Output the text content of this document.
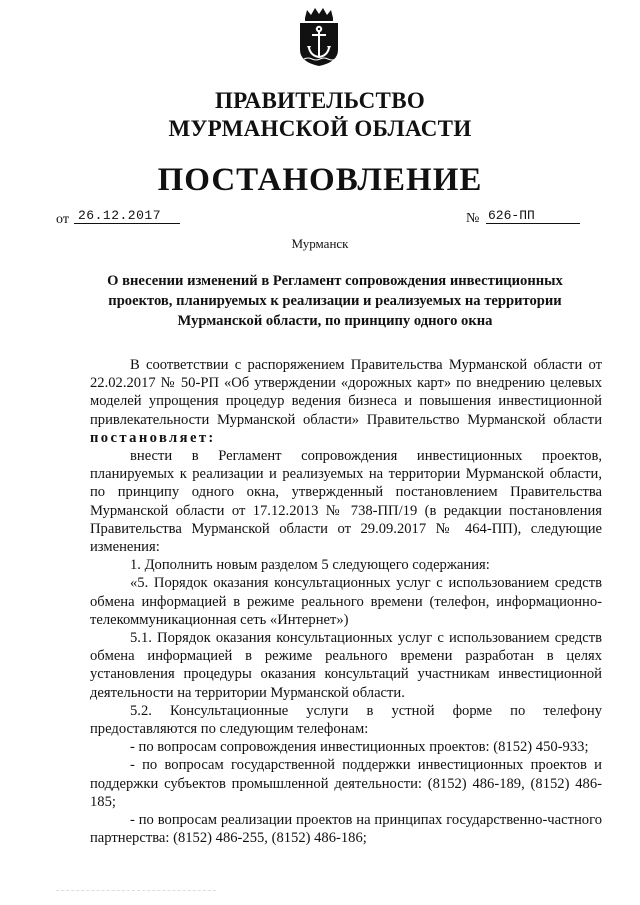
ПРАВИТЕЛЬСТВО
МУРМАНСКОЙ ОБЛАСТИ
ПОСТАНОВЛЕНИЕ
от 26.12.2017	№ 626-ПП
Мурманск
О внесении изменений в Регламент сопровождения инвестиционных проектов, планируемых к реализации и реализуемых на территории Мурманской области, по принципу одного окна

В соответствии с распоряжением Правительства Мурманской области от 22.02.2017 № 50-РП «Об утверждении «дорожных карт» по внедрению целевых моделей упрощения процедур ведения бизнеса и повышения инвестиционной привлекательности Мурманской области» Правительство Мурманской области постановляет:

внести в Регламент сопровождения инвестиционных проектов, планируемых к реализации и реализуемых на территории Мурманской области, по принципу одного окна, утвержденный постановлением Правительства Мурманской области от 17.12.2013 № 738-ПП/19 (в редакции постановления Правительства Мурманской области от 29.09.2017 № 464-ПП), следующие изменения:

1. Дополнить новым разделом 5 следующего содержания:

«5. Порядок оказания консультационных услуг с использованием средств обмена информацией в режиме реального времени (телефон, информационно-телекоммуникационная сеть «Интернет»)

5.1. Порядок оказания консультационных услуг с использованием средств обмена информацией в режиме реального времени разработан в целях установления процедуры оказания консультаций участникам инвестиционной деятельности на территории Мурманской области.

5.2. Консультационные услуги в устной форме по телефону предоставляются по следующим телефонам:

- по вопросам сопровождения инвестиционных проектов: (8152) 450-933;

- по вопросам государственной поддержки инвестиционных проектов и поддержки субъектов промышленной деятельности: (8152) 486-189, (8152) 486-185;

- по вопросам реализации проектов на принципах государственно-частного партнерства: (8152) 486-255, (8152) 486-186;
